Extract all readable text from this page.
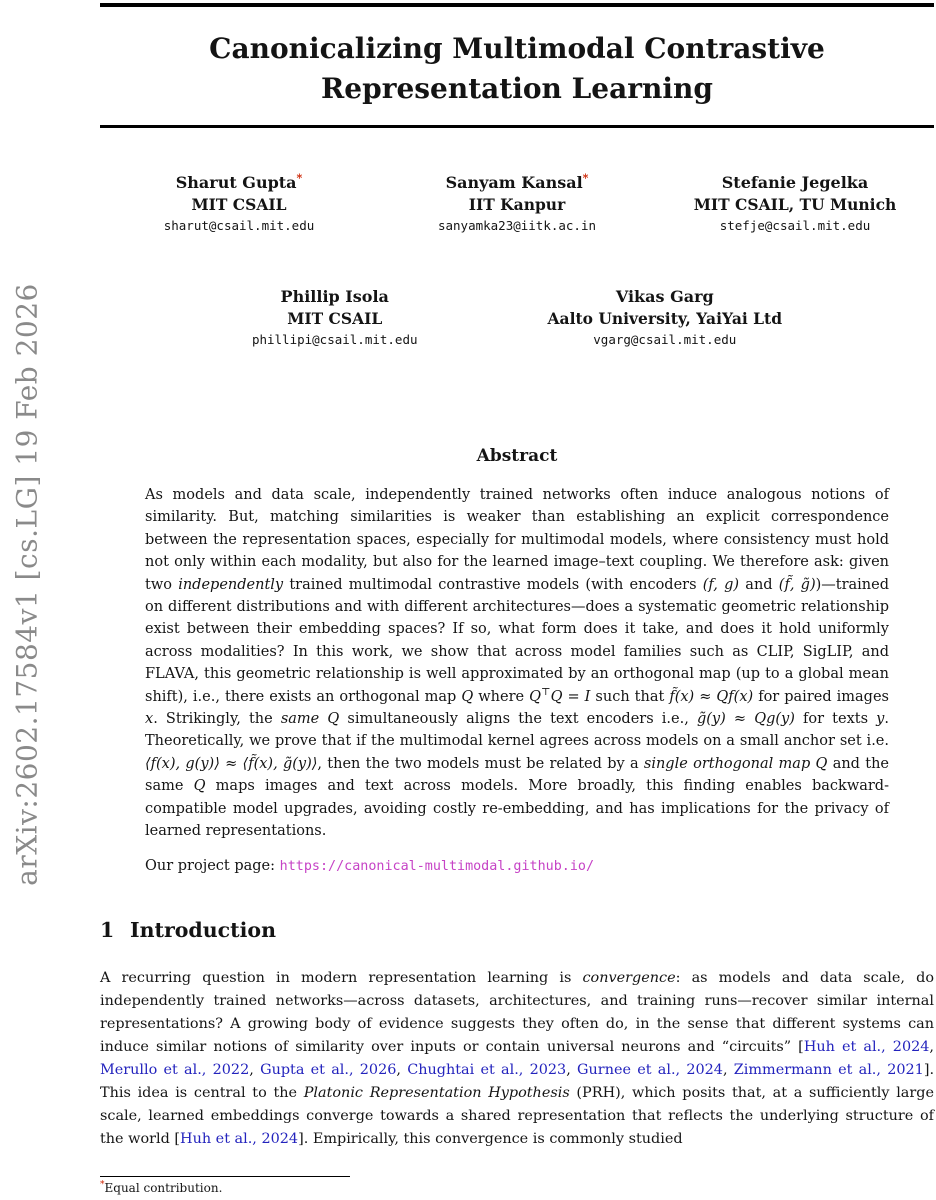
arXiv:2602.17584v1 [cs.LG] 19 Feb 2026
Canonicalizing Multimodal Contrastive
Representation Learning
Sharut Gupta*
MIT CSAIL
sharut@csail.mit.edu
Sanyam Kansal*
IIT Kanpur
sanyamka23@iitk.ac.in
Stefanie Jegelka
MIT CSAIL, TU Munich
stefje@csail.mit.edu
Phillip Isola
MIT CSAIL
phillipi@csail.mit.edu
Vikas Garg
Aalto University, YaiYai Ltd
vgarg@csail.mit.edu
Abstract
As models and data scale, independently trained networks often induce analogous notions of similarity. But, matching similarities is weaker than establishing an explicit correspondence between the representation spaces, especially for multimodal models, where consistency must hold not only within each modality, but also for the learned image–text coupling. We therefore ask: given two independently trained multimodal contrastive models (with encoders (f, g) and (f̃, g̃))—trained on different distributions and with different architectures—does a systematic geometric relationship exist between their embedding spaces? If so, what form does it take, and does it hold uniformly across modalities? In this work, we show that across model families such as CLIP, SigLIP, and FLAVA, this geometric relationship is well approximated by an orthogonal map (up to a global mean shift), i.e., there exists an orthogonal map Q where Q⊤Q = I such that f̃(x) ≈ Qf(x) for paired images x. Strikingly, the same Q simultaneously aligns the text encoders i.e., g̃(y) ≈ Qg(y) for texts y. Theoretically, we prove that if the multimodal kernel agrees across models on a small anchor set i.e. ⟨f(x), g(y)⟩ ≈ ⟨f̃(x), g̃(y)⟩, then the two models must be related by a single orthogonal map Q and the same Q maps images and text across models. More broadly, this finding enables backward-compatible model upgrades, avoiding costly re-embedding, and has implications for the privacy of learned representations.
Our project page: https://canonical-multimodal.github.io/
1 Introduction
A recurring question in modern representation learning is convergence: as models and data scale, do independently trained networks—across datasets, architectures, and training runs—recover similar internal representations? A growing body of evidence suggests they often do, in the sense that different systems can induce similar notions of similarity over inputs or contain universal neurons and “circuits” [Huh et al., 2024, Merullo et al., 2022, Gupta et al., 2026, Chughtai et al., 2023, Gurnee et al., 2024, Zimmermann et al., 2021]. This idea is central to the Platonic Representation Hypothesis (PRH), which posits that, at a sufficiently large scale, learned embeddings converge towards a shared representation that reflects the underlying structure of the world [Huh et al., 2024]. Empirically, this convergence is commonly studied
*Equal contribution.
